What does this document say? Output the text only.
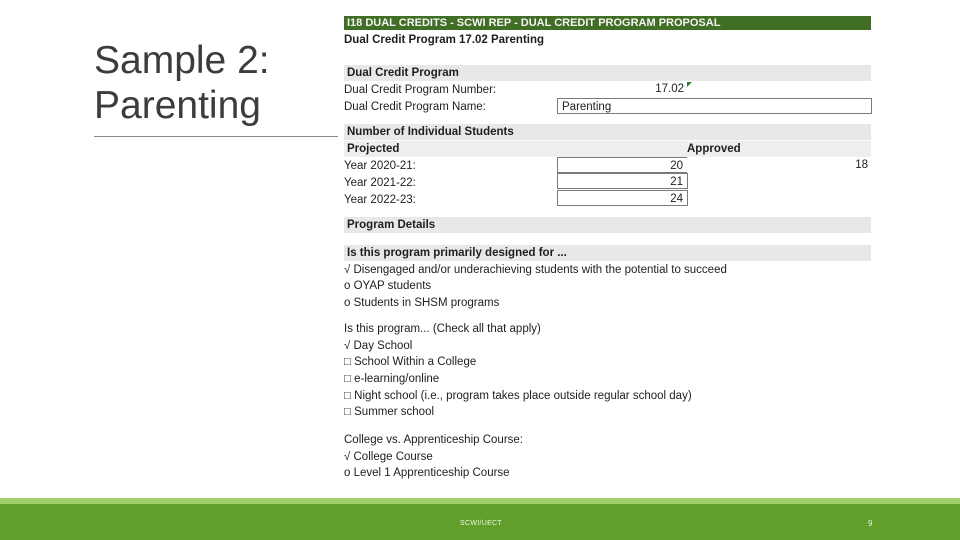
Sample 2:
Parenting
I18 DUAL CREDITS - SCWI REP - DUAL CREDIT PROGRAM PROPOSAL
Dual Credit Program 17.02 Parenting
Dual Credit Program
Dual Credit Program Number:	17.02
Dual Credit Program Name:	Parenting
Number of Individual Students
Projected	Approved
Year 2020-21:	20	18
Year 2021-22:	21
Year 2022-23:	24
Program Details
Is this program primarily designed for ...
√ Disengaged and/or underachieving students with the potential to succeed
o OYAP students
o Students in SHSM programs
Is this program... (Check all that apply)
√ Day School
□ School Within a College
□ e-learning/online
□ Night school (i.e., program takes place outside regular school day)
□ Summer school
College vs. Apprenticeship Course:
√ College Course
o Level 1 Apprenticeship Course
SCWI/UECT	9
